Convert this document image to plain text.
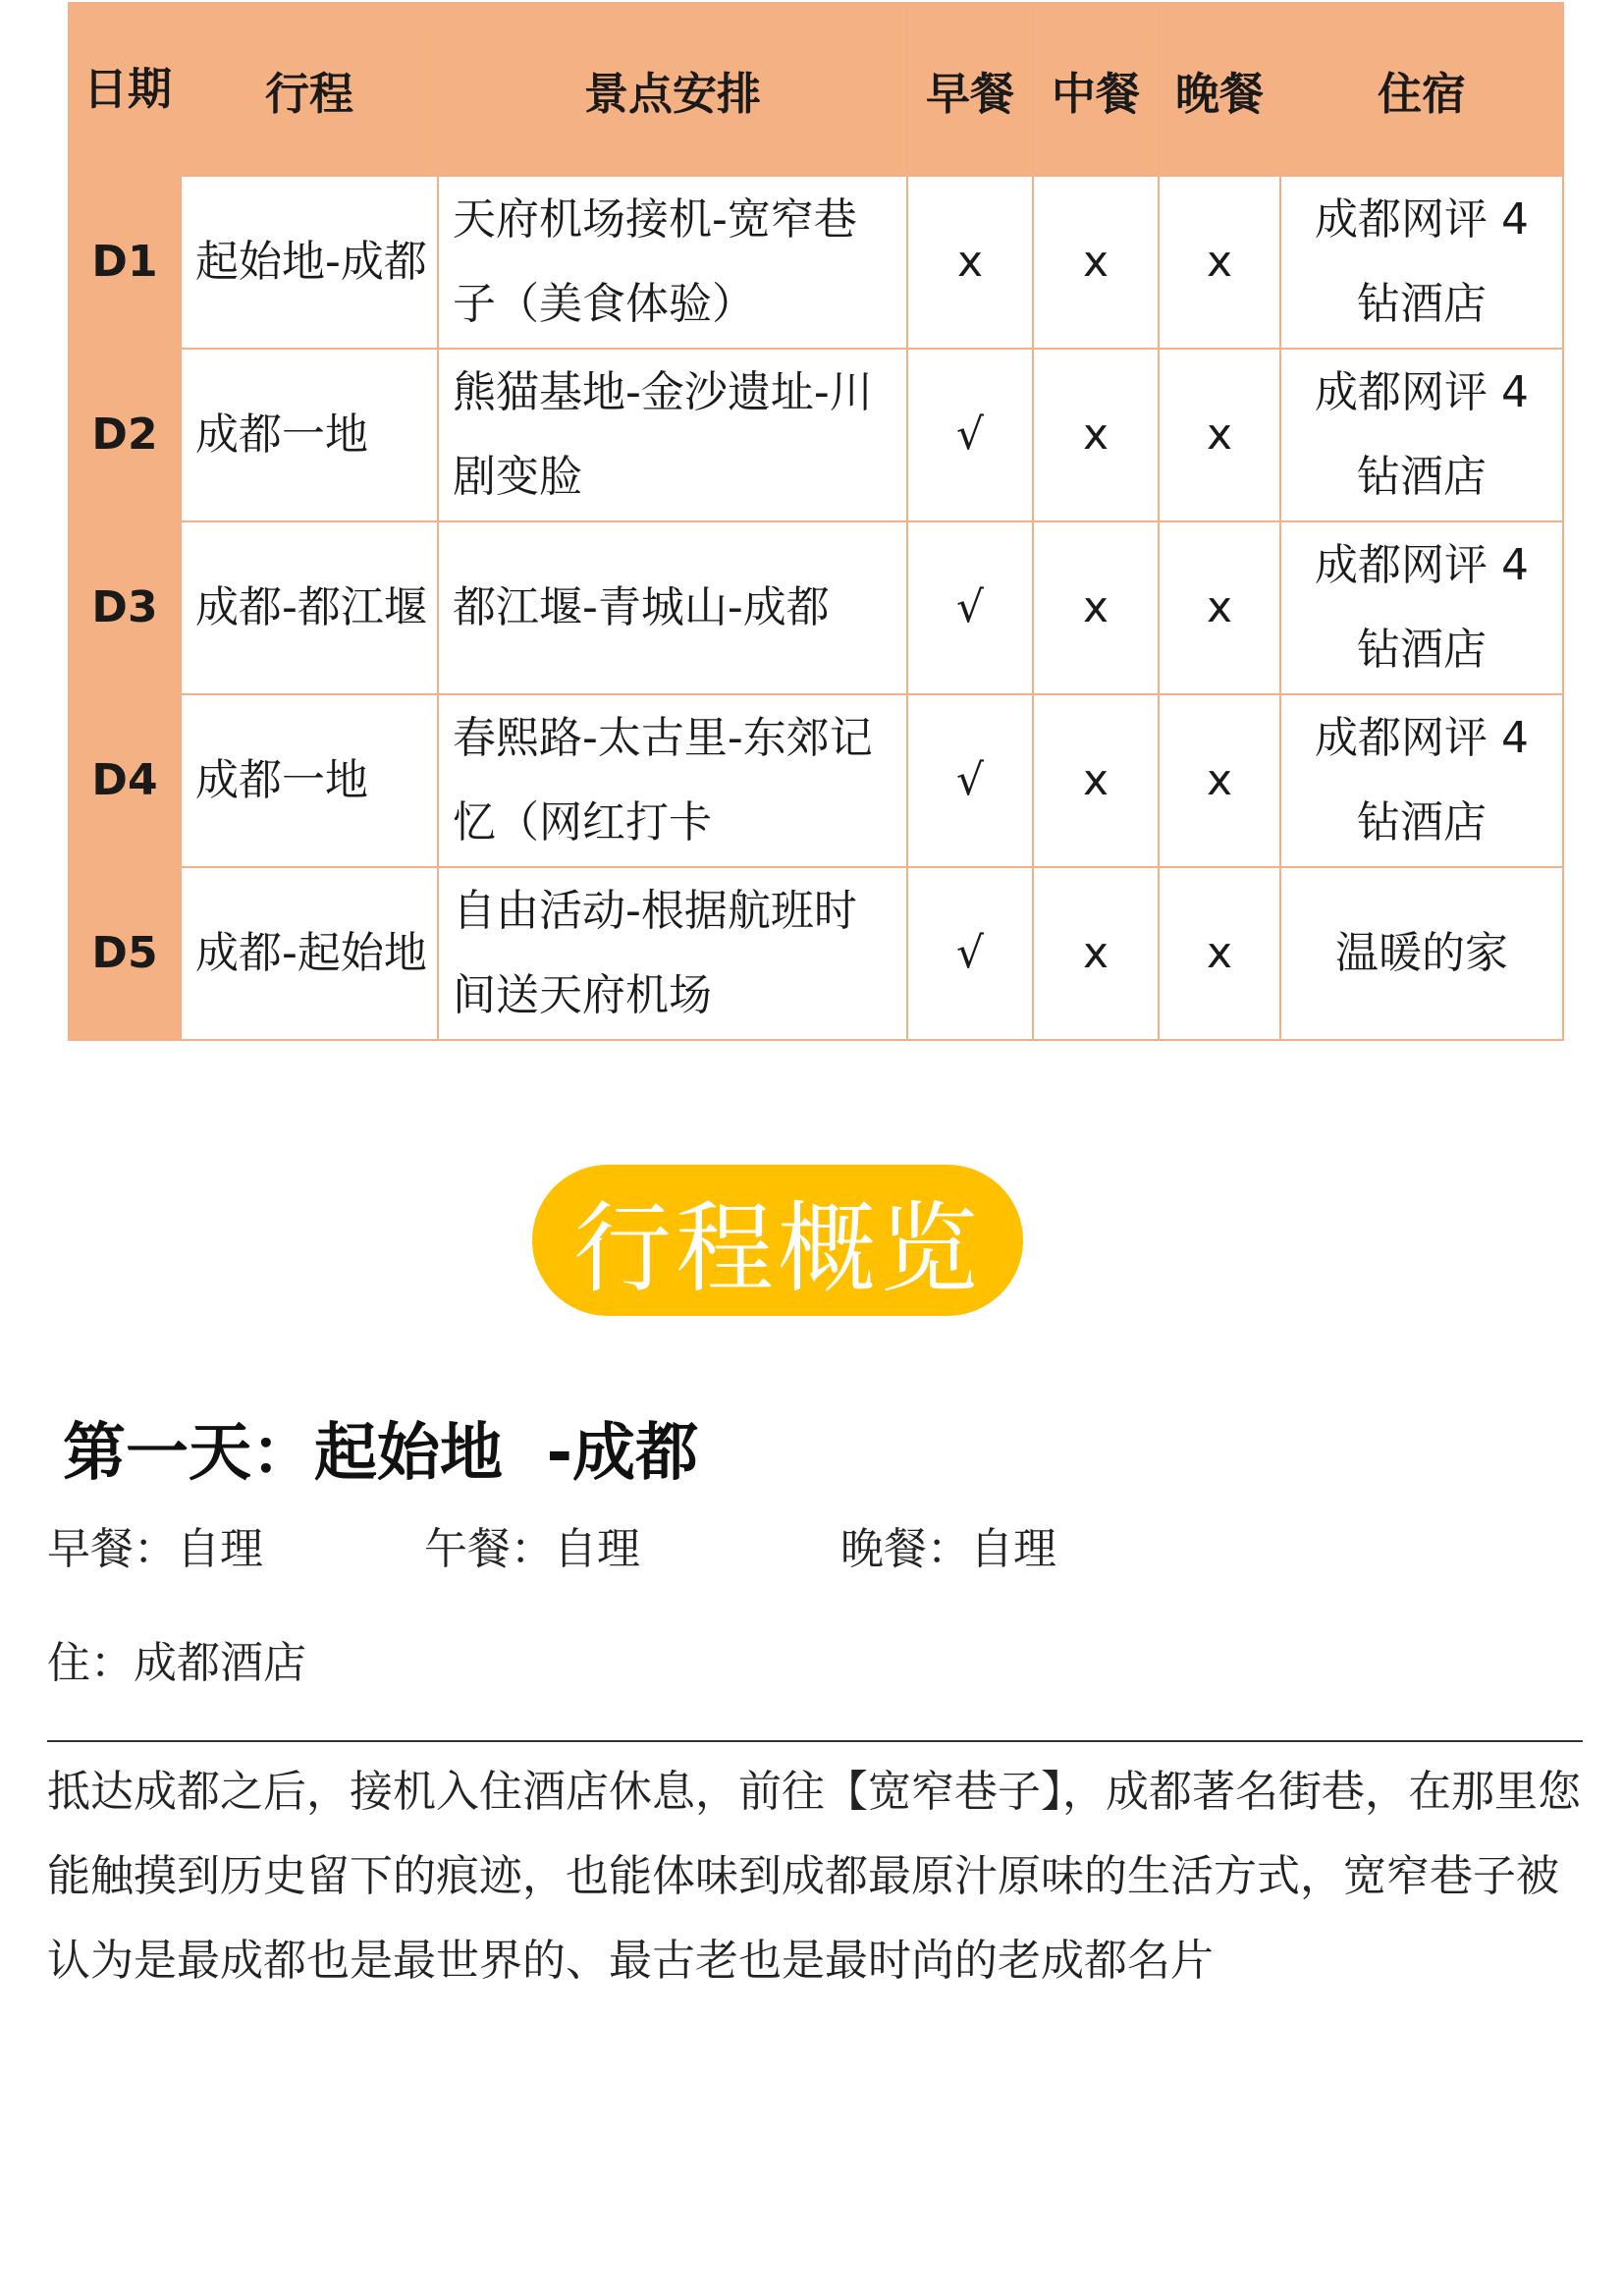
日期	行程	景点安排	早餐	中餐	晚餐	住宿
D1	起始地-成都	天府机场接机-宽窄巷子（美食体验）	x	x	x	成都网评 4 钻酒店
D2	成都一地	熊猫基地-金沙遗址-川剧变脸	√	x	x	成都网评 4 钻酒店
D3	成都-都江堰	都江堰-青城山-成都	√	x	x	成都网评 4 钻酒店
D4	成都一地	春熙路-太古里-东郊记忆（网红打卡	√	x	x	成都网评 4 钻酒店
D5	成都-起始地	自由活动-根据航班时间送天府机场	√	x	x	温暖的家
行程概览
第一天：起始地  -成都
早餐：自理	午餐：自理	晚餐：自理
住：成都酒店

抵达成都之后，接机入住酒店休息，前往【宽窄巷子】，成都著名街巷，在那里您能触摸到历史留下的痕迹，也能体味到成都最原汁原味的生活方式，宽窄巷子被认为是最成都也是最世界的、最古老也是最时尚的老成都名片
